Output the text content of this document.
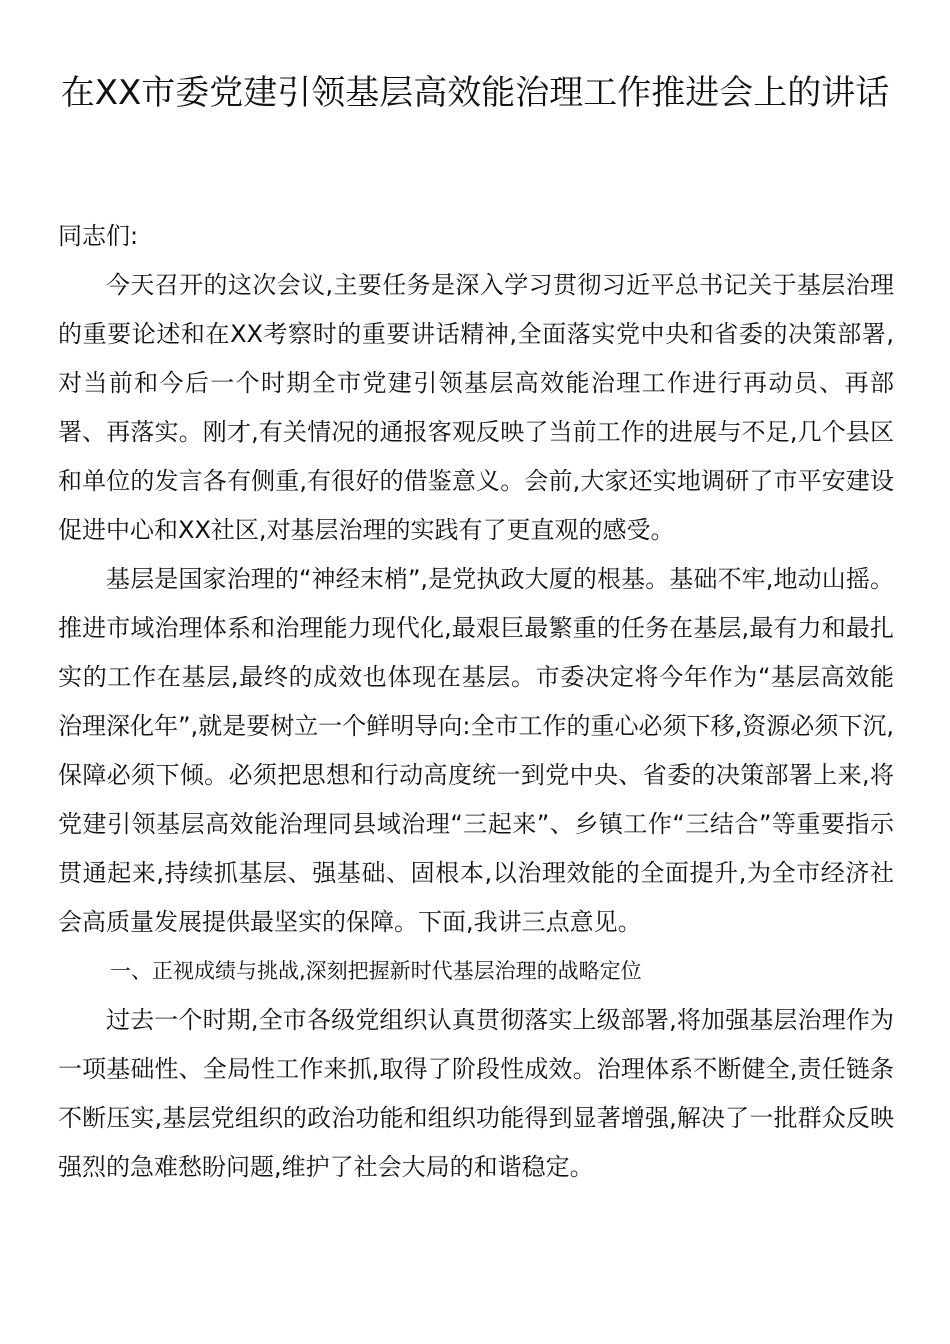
在XX市委党建引领基层高效能治理工作推进会上的讲话

同志们:

今天召开的这次会议,主要任务是深入学习贯彻习近平总书记关于基层治理的重要论述和在XX考察时的重要讲话精神,全面落实党中央和省委的决策部署,对当前和今后一个时期全市党建引领基层高效能治理工作进行再动员、再部署、再落实。刚才,有关情况的通报客观反映了当前工作的进展与不足,几个县区和单位的发言各有侧重,有很好的借鉴意义。会前,大家还实地调研了市平安建设促进中心和XX社区,对基层治理的实践有了更直观的感受。

基层是国家治理的“神经末梢”,是党执政大厦的根基。基础不牢,地动山摇。推进市域治理体系和治理能力现代化,最艰巨最繁重的任务在基层,最有力和最扎实的工作在基层,最终的成效也体现在基层。市委决定将今年作为“基层高效能治理深化年”,就是要树立一个鲜明导向:全市工作的重心必须下移,资源必须下沉,保障必须下倾。必须把思想和行动高度统一到党中央、省委的决策部署上来,将党建引领基层高效能治理同县域治理“三起来”、乡镇工作“三结合”等重要指示贯通起来,持续抓基层、强基础、固根本,以治理效能的全面提升,为全市经济社会高质量发展提供最坚实的保障。下面,我讲三点意见。

一、正视成绩与挑战,深刻把握新时代基层治理的战略定位

过去一个时期,全市各级党组织认真贯彻落实上级部署,将加强基层治理作为一项基础性、全局性工作来抓,取得了阶段性成效。治理体系不断健全,责任链条不断压实,基层党组织的政治功能和组织功能得到显著增强,解决了一批群众反映强烈的急难愁盼问题,维护了社会大局的和谐稳定。
